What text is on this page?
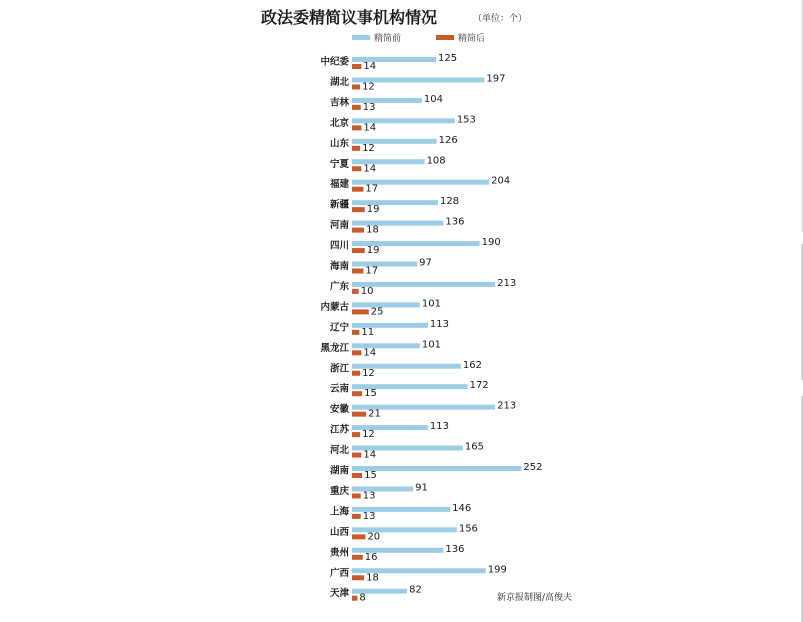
政法委精简议事机构情况	（单位：个）
精简前	精简后
中纪委	125
14
湖北	197
12
吉林	104
13
北京	153
14
山东	126
12
宁夏	108
14
福建	204
17
新疆	128
19
河南	136
18
四川	190
19
海南	97
17
广东	213
10
内蒙古	101
25
辽宁	113
11
黑龙江	101
14
浙江	162
12
云南	172
15
安徽	213
21
江苏	113
12
河北	165
14
湖南	252
15
重庆	91
13
上海	146
13
山西	156
20
贵州	136
16
广西	199
18
天津	82
8	新京报制图/高俊夫
